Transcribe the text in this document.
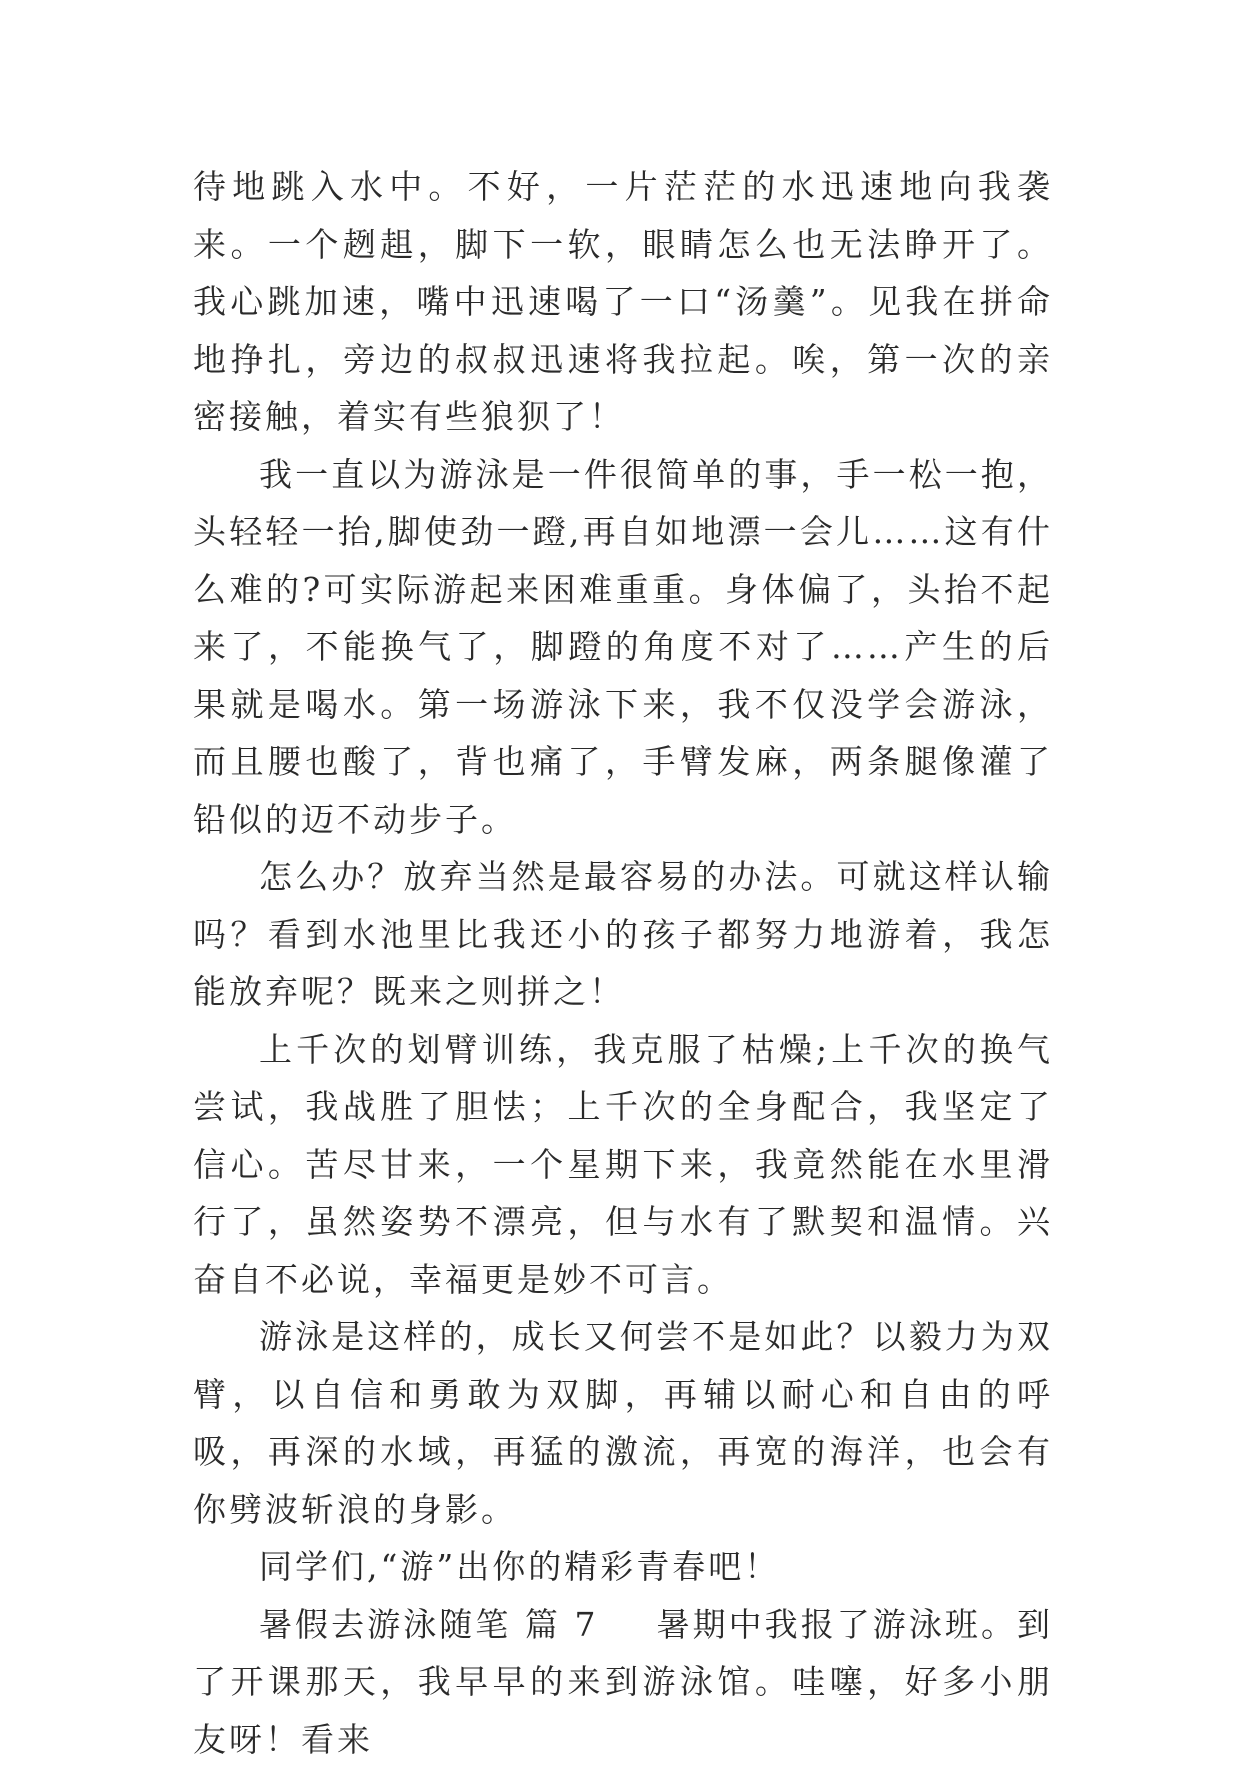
待地跳入水中。不好，一片茫茫的水迅速地向我袭来。一个趔趄，脚下一软，眼睛怎么也无法睁开了。我心跳加速，嘴中迅速喝了一口“汤羹”。见我在拼命地挣扎，旁边的叔叔迅速将我拉起。唉，第一次的亲密接触，着实有些狼狈了！

我一直以为游泳是一件很简单的事，手一松一抱，头轻轻一抬,脚使劲一蹬,再自如地漂一会儿……这有什么难的?可实际游起来困难重重。身体偏了，头抬不起来了，不能换气了，脚蹬的角度不对了……产生的后果就是喝水。第一场游泳下来，我不仅没学会游泳，而且腰也酸了，背也痛了，手臂发麻，两条腿像灌了铅似的迈不动步子。

怎么办？放弃当然是最容易的办法。可就这样认输吗？看到水池里比我还小的孩子都努力地游着，我怎能放弃呢？既来之则拼之！

上千次的划臂训练，我克服了枯燥;上千次的换气尝试，我战胜了胆怯；上千次的全身配合，我坚定了信心。苦尽甘来，一个星期下来，我竟然能在水里滑行了，虽然姿势不漂亮，但与水有了默契和温情。兴奋自不必说，幸福更是妙不可言。

游泳是这样的，成长又何尝不是如此？以毅力为双臂，以自信和勇敢为双脚，再辅以耐心和自由的呼吸，再深的水域，再猛的激流，再宽的海洋，也会有你劈波斩浪的身影。

同学们,“游”出你的精彩青春吧！

暑假去游泳随笔 篇 7 暑期中我报了游泳班。到了开课那天，我早早的来到游泳馆。哇噻，好多小朋友呀！看来
